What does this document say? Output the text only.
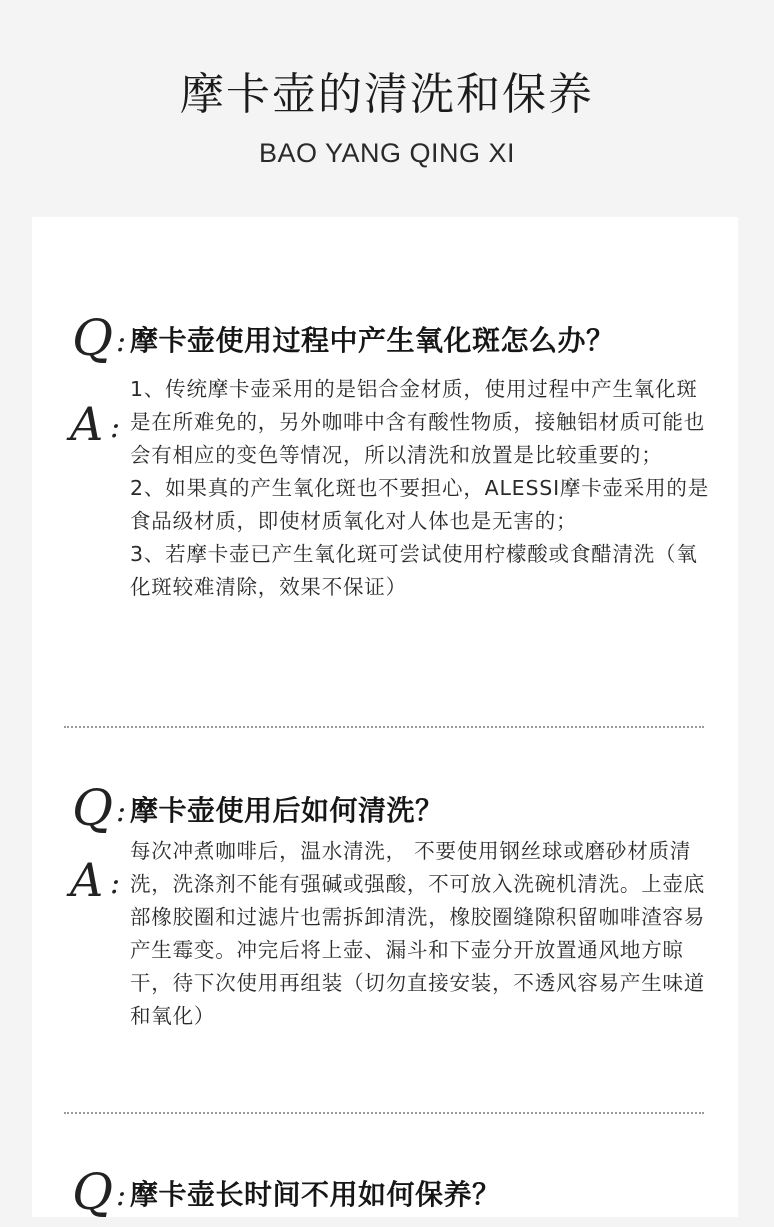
摩卡壶的清洗和保养
BAO YANG QING XI
Q : 摩卡壶使用过程中产生氧化斑怎么办？
A :

1、传统摩卡壶采用的是铝合金材质，使用过程中产生氧化斑是在所难免的，另外咖啡中含有酸性物质，接触铝材质可能也会有相应的变色等情况，所以清洗和放置是比较重要的；

2、如果真的产生氧化斑也不要担心，ALESSI摩卡壶采用的是食品级材质，即使材质氧化对人体也是无害的；

3、若摩卡壶已产生氧化斑可尝试使用柠檬酸或食醋清洗（氧化斑较难清除，效果不保证）

Q : 摩卡壶使用后如何清洗？
A :

每次冲煮咖啡后，温水清洗， 不要使用钢丝球或磨砂材质清洗，洗涤剂不能有强碱或强酸，不可放入洗碗机清洗。上壶底部橡胶圈和过滤片也需拆卸清洗，橡胶圈缝隙积留咖啡渣容易产生霉变。冲完后将上壶、漏斗和下壶分开放置通风地方晾干，待下次使用再组装（切勿直接安装，不透风容易产生味道和氧化）

Q : 摩卡壶长时间不用如何保养？
